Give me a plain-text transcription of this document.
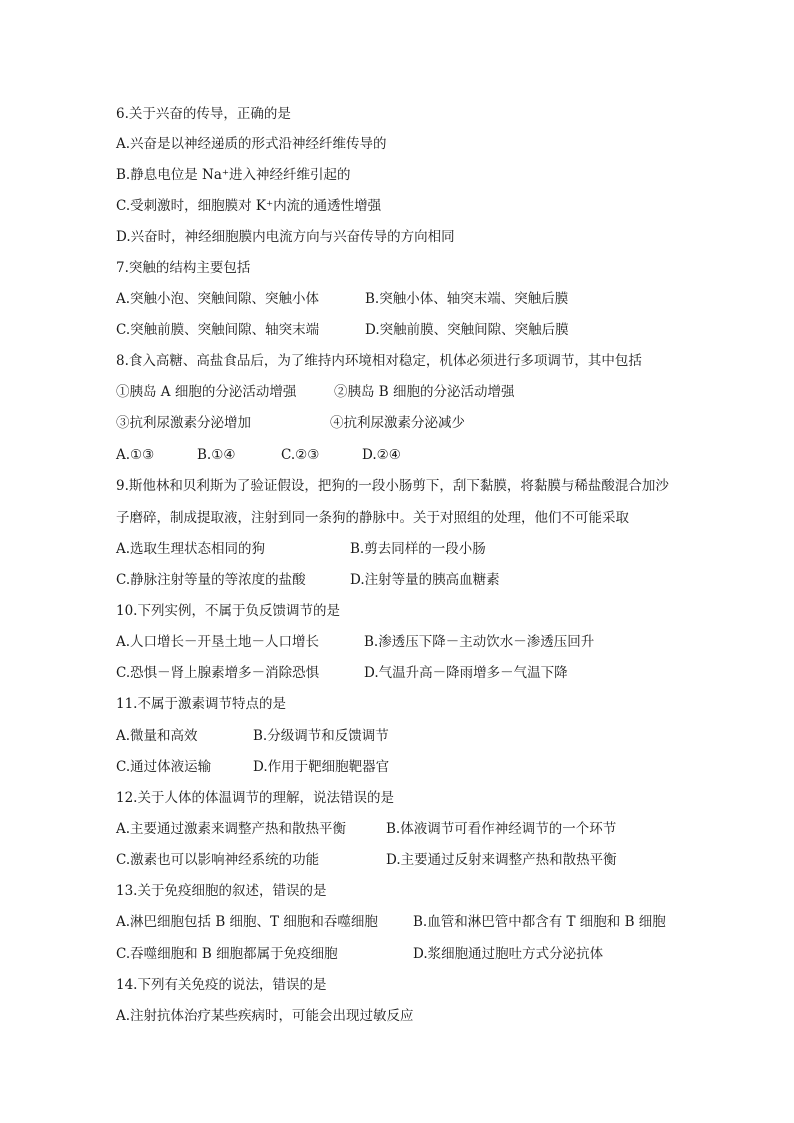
6.关于兴奋的传导，正确的是
A.兴奋是以神经递质的形式沿神经纤维传导的
B.静息电位是 Na⁺进入神经纤维引起的
C.受刺激时，细胞膜对 K⁺内流的通透性增强
D.兴奋时，神经细胞膜内电流方向与兴奋传导的方向相同
7.突触的结构主要包括
A.突触小泡、突触间隙、突触小体	B.突触小体、轴突末端、突触后膜
C.突触前膜、突触间隙、轴突末端	D.突触前膜、突触间隙、突触后膜
8.食入高糖、高盐食品后，为了维持内环境相对稳定，机体必须进行多项调节，其中包括
①胰岛 A 细胞的分泌活动增强	②胰岛 B 细胞的分泌活动增强
③抗利尿激素分泌增加	④抗利尿激素分泌减少
A.①③	B.①④	C.②③	D.②④
9.斯他林和贝利斯为了验证假设，把狗的一段小肠剪下，刮下黏膜，将黏膜与稀盐酸混合加沙
子磨碎，制成提取液，注射到同一条狗的静脉中。关于对照组的处理，他们不可能采取
A.选取生理状态相同的狗	B.剪去同样的一段小肠
C.静脉注射等量的等浓度的盐酸	D.注射等量的胰高血糖素
10.下列实例，不属于负反馈调节的是
A.人口增长－开垦土地－人口增长	B.渗透压下降－主动饮水－渗透压回升
C.恐惧－肾上腺素增多－消除恐惧	D.气温升高－降雨增多－气温下降
11.不属于激素调节特点的是
A.微量和高效	B.分级调节和反馈调节
C.通过体液运输	D.作用于靶细胞靶器官
12.关于人体的体温调节的理解，说法错误的是
A.主要通过激素来调整产热和散热平衡	B.体液调节可看作神经调节的一个环节
C.激素也可以影响神经系统的功能	D.主要通过反射来调整产热和散热平衡
13.关于免疫细胞的叙述，错误的是
A.淋巴细胞包括 B 细胞、T 细胞和吞噬细胞	B.血管和淋巴管中都含有 T 细胞和 B 细胞
C.吞噬细胞和 B 细胞都属于免疫细胞	D.浆细胞通过胞吐方式分泌抗体
14.下列有关免疫的说法，错误的是
A.注射抗体治疗某些疾病时，可能会出现过敏反应
